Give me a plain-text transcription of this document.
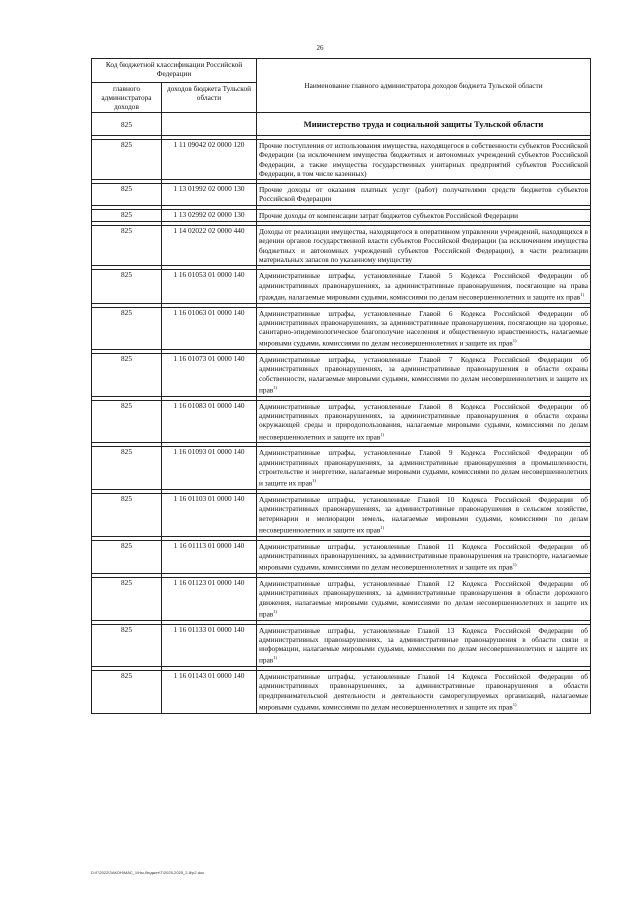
26
Код бюджетной классификации Российской Федерации		Наименование главного администратора доходов бюджета Тульской области
главного администратора доходов	доходов бюджета Тульской области	
825		Министерство труда и социальной защиты Тульской области

825	1 11 09042 02 0000 120	Прочие поступления от использования имущества, находящегося в собственности субъектов Российской Федерации (за исключением имущества бюджетных и автономных учреждений субъектов Российской Федерации, а также имущества государственных унитарных предприятий субъектов Российской Федерации, в том числе казенных)

825	1 13 01992 02 0000 130	Прочие доходы от оказания платных услуг (работ) получателями средств бюджетов субъектов Российской Федерации

825	1 13 02992 02 0000 130	Прочие доходы от компенсации затрат бюджетов субъектов Российской Федерации

825	1 14 02022 02 0000 440	Доходы от реализации имущества, находящегося в оперативном управлении учреждений, находящихся в ведении органов государственной власти субъектов Российской Федерации (за исключением имущества бюджетных и автономных учреждений субъектов Российской Федерации), в части реализации материальных запасов по указанному имуществу

825	1 16 01053 01 0000 140	Административные штрафы, установленные Главой 5 Кодекса Российской Федерации об административных правонарушениях, за административные правонарушения, посягающие на права граждан, налагаемые мировыми судьями, комиссиями по делам несовершеннолетних и защите их прав$^{1)}$

825	1 16 01063 01 0000 140	Административные штрафы, установленные Главой 6 Кодекса Российской Федерации об административных правонарушениях, за административные правонарушения, посягающие на здоровье, санитарно-эпидемиологическое благополучие населения и общественную нравственность, налагаемые мировыми судьями, комиссиями по делам несовершеннолетних и защите их прав$^{1)}$

825	1 16 01073 01 0000 140	Административные штрафы, установленные Главой 7 Кодекса Российской Федерации об административных правонарушениях, за административные правонарушения в области охраны собственности, налагаемые мировыми судьями, комиссиями по делам несовершеннолетних и защите их прав$^{1)}$

825	1 16 01083 01 0000 140	Административные штрафы, установленные Главой 8 Кодекса Российской Федерации об административных правонарушениях, за административные правонарушения в области охраны окружающей среды и природопользования, налагаемые мировыми судьями, комиссиями по делам несовершеннолетних и защите их прав$^{1)}$

825	1 16 01093 01 0000 140	Административные штрафы, установленные Главой 9 Кодекса Российской Федерации об административных правонарушениях, за административные правонарушения в промышленности, строительстве и энергетике, налагаемые мировыми судьями, комиссиями по делам несовершеннолетних и защите их прав$^{1)}$

825	1 16 01103 01 0000 140	Административные штрафы, установленные Главой 10 Кодекса Российской Федерации об административных правонарушениях, за административные правонарушения в сельском хозяйстве, ветеринарии и мелиорации земель, налагаемые мировыми судьями, комиссиями по делам несовершеннолетних и защите их прав$^{1)}$

825	1 16 01113 01 0000 140	Административные штрафы, установленные Главой 11 Кодекса Российской Федерации об административных правонарушениях, за административные правонарушения на транспорте, налагаемые мировыми судьями, комиссиями по делам несовершеннолетних и защите их прав$^{1)}$

825	1 16 01123 01 0000 140	Административные штрафы, установленные Главой 12 Кодекса Российской Федерации об административных правонарушениях, за административные правонарушения в области дорожного движения, налагаемые мировыми судьями, комиссиями по делам несовершеннолетних и защите их прав$^{1)}$

825	1 16 01133 01 0000 140	Административные штрафы, установленные Главой 13 Кодекса Российской Федерации об административных правонарушениях, за административные правонарушения в области связи и информации, налагаемые мировыми судьями, комиссиями по делам несовершеннолетних и защите их прав$^{1)}$

825	1 16 01143 01 0000 140	Административные штрафы, установленные Главой 14 Кодекса Российской Федерации об административных правонарушениях, за административные правонарушения в области предпринимательской деятельности и деятельности саморегулируемых организаций, налагаемые мировыми судьями, комиссиями по делам несовершеннолетних и защите их прав$^{1)}$
D:\Г\2022\ЗАКОН\МАС_1\Ны,бюджет\Т\2025-2025_2-й\р2.doc
